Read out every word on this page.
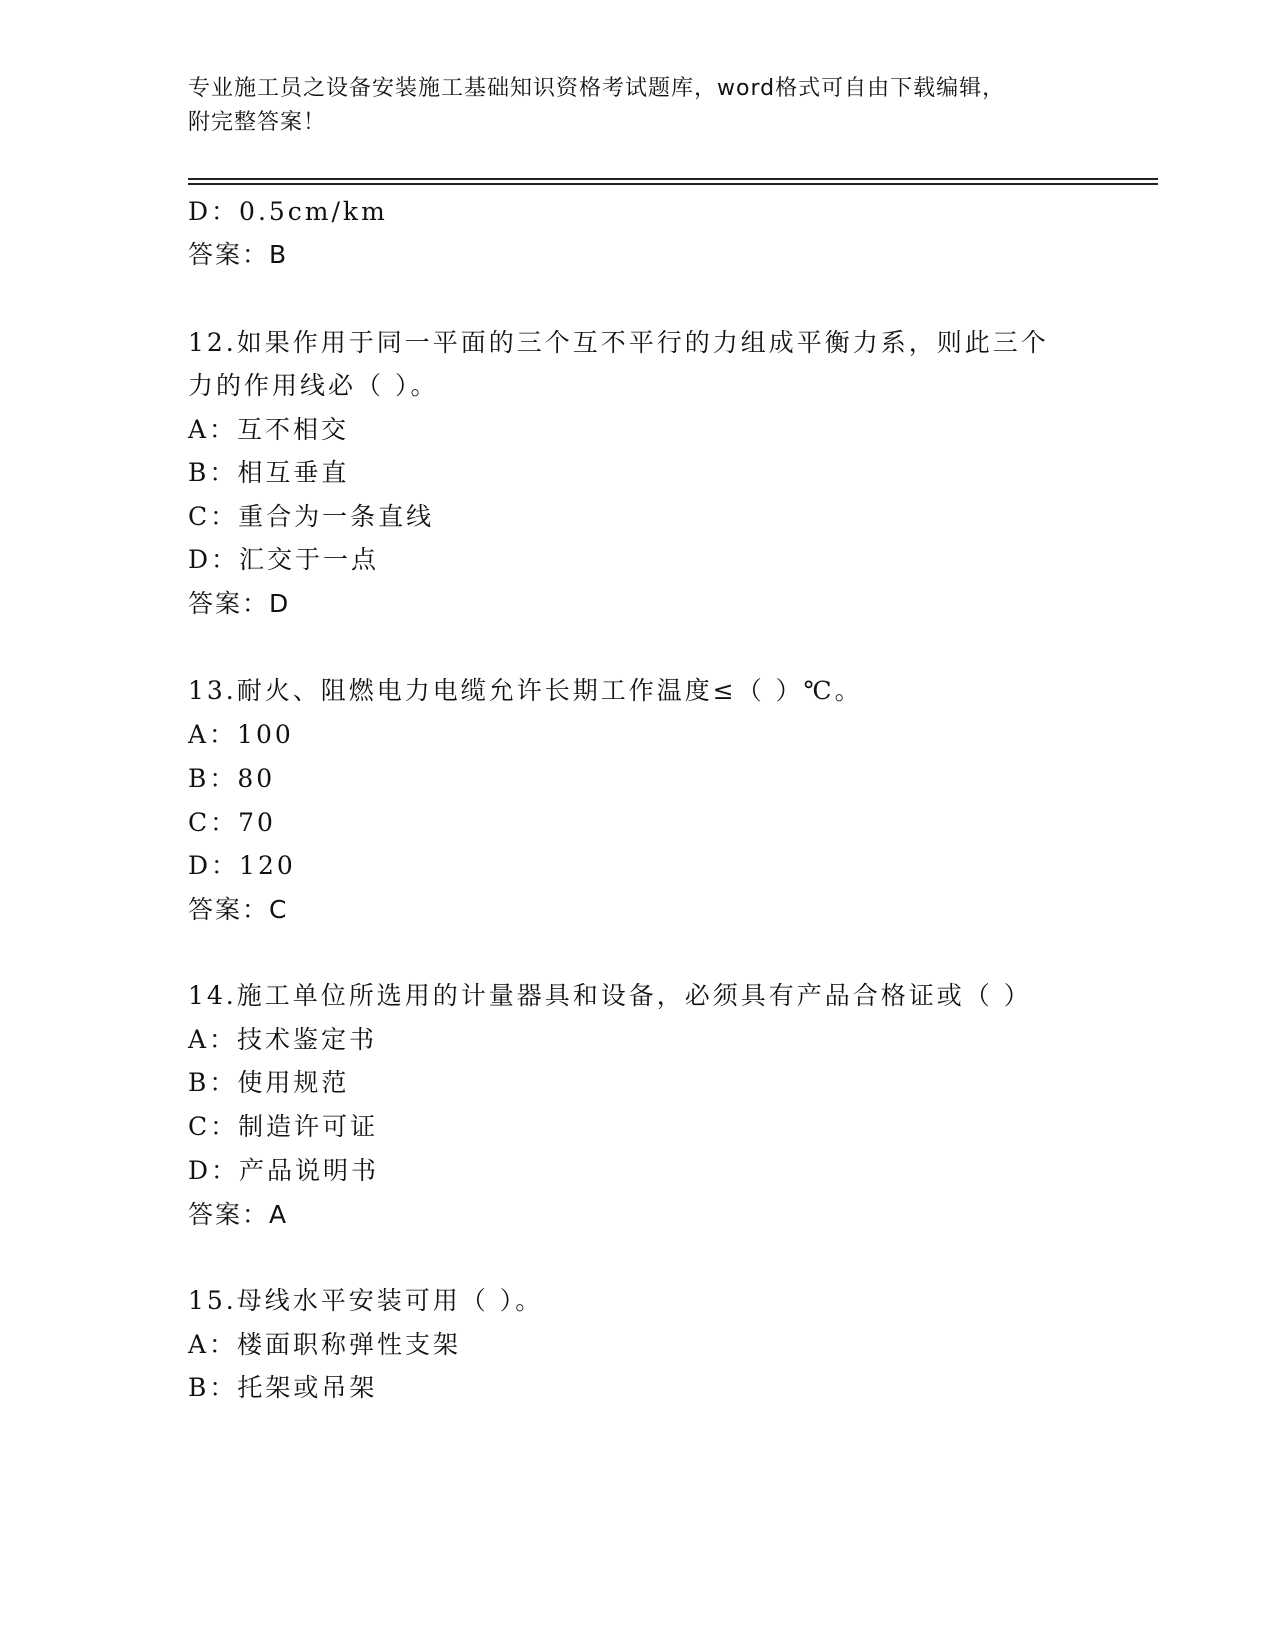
专业施工员之设备安装施工基础知识资格考试题库，word格式可自由下载编辑，
附完整答案！
D：0.5cm/km
答案：B
12.如果作用于同一平面的三个互不平行的力组成平衡力系，则此三个
力的作用线必（ ）。
A：互不相交
B：相互垂直
C：重合为一条直线
D：汇交于一点
答案：D
13.耐火、阻燃电力电缆允许长期工作温度≤（ ）℃。
A：100
B：80
C：70
D：120
答案：C
14.施工单位所选用的计量器具和设备，必须具有产品合格证或（ ）
A：技术鉴定书
B：使用规范
C：制造许可证
D：产品说明书
答案：A
15.母线水平安装可用（ ）。
A：楼面职称弹性支架
B：托架或吊架
